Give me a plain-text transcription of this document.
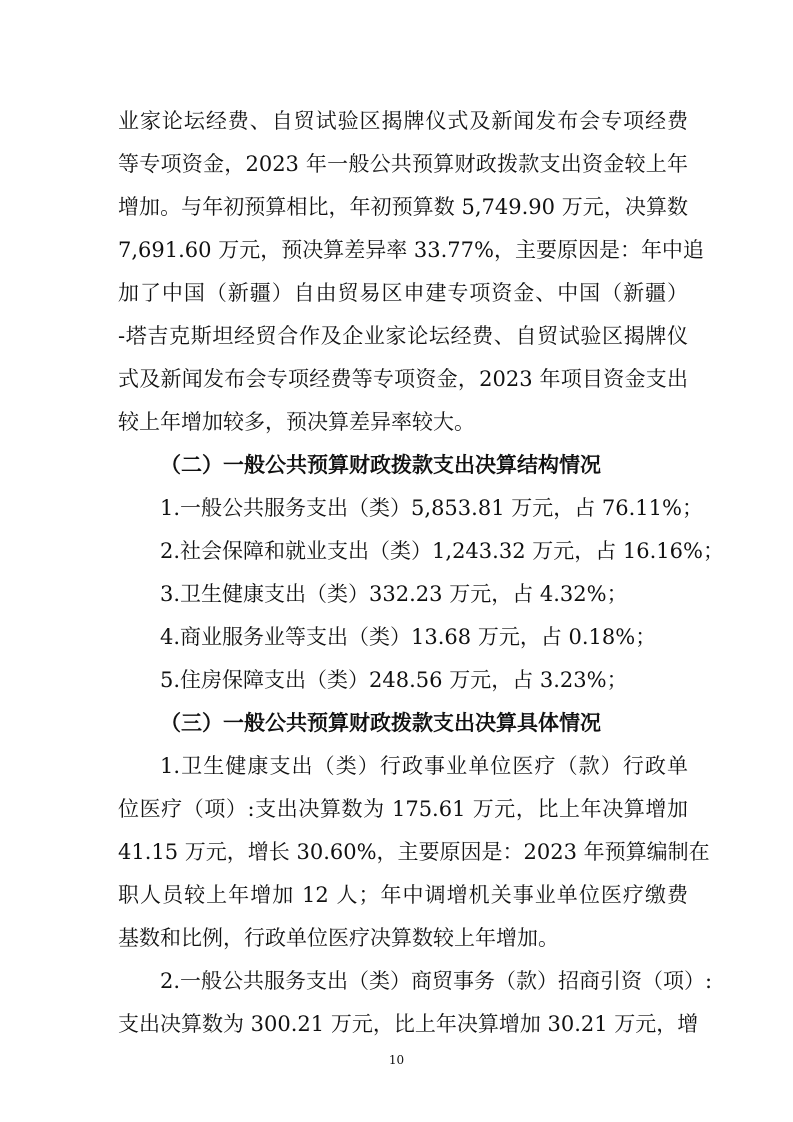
业家论坛经费、自贸试验区揭牌仪式及新闻发布会专项经费
等专项资金，2023 年一般公共预算财政拨款支出资金较上年
增加。与年初预算相比，年初预算数 5,749.90 万元，决算数
7,691.60 万元，预决算差异率 33.77%，主要原因是：年中追
加了中国（新疆）自由贸易区申建专项资金、中国（新疆）
-塔吉克斯坦经贸合作及企业家论坛经费、自贸试验区揭牌仪
式及新闻发布会专项经费等专项资金，2023 年项目资金支出
较上年增加较多，预决算差异率较大。
（二）一般公共预算财政拨款支出决算结构情况
1.一般公共服务支出（类）5,853.81 万元，占 76.11%；
2.社会保障和就业支出（类）1,243.32 万元，占 16.16%；
3.卫生健康支出（类）332.23 万元，占 4.32%；
4.商业服务业等支出（类）13.68 万元，占 0.18%；
5.住房保障支出（类）248.56 万元，占 3.23%；
（三）一般公共预算财政拨款支出决算具体情况
1.卫生健康支出（类）行政事业单位医疗（款）行政单
位医疗（项）:支出决算数为 175.61 万元，比上年决算增加
41.15 万元，增长 30.60%，主要原因是：2023 年预算编制在
职人员较上年增加 12 人；年中调增机关事业单位医疗缴费
基数和比例，行政单位医疗决算数较上年增加。
2.一般公共服务支出（类）商贸事务（款）招商引资（项）:
支出决算数为 300.21 万元，比上年决算增加 30.21 万元，增
10
